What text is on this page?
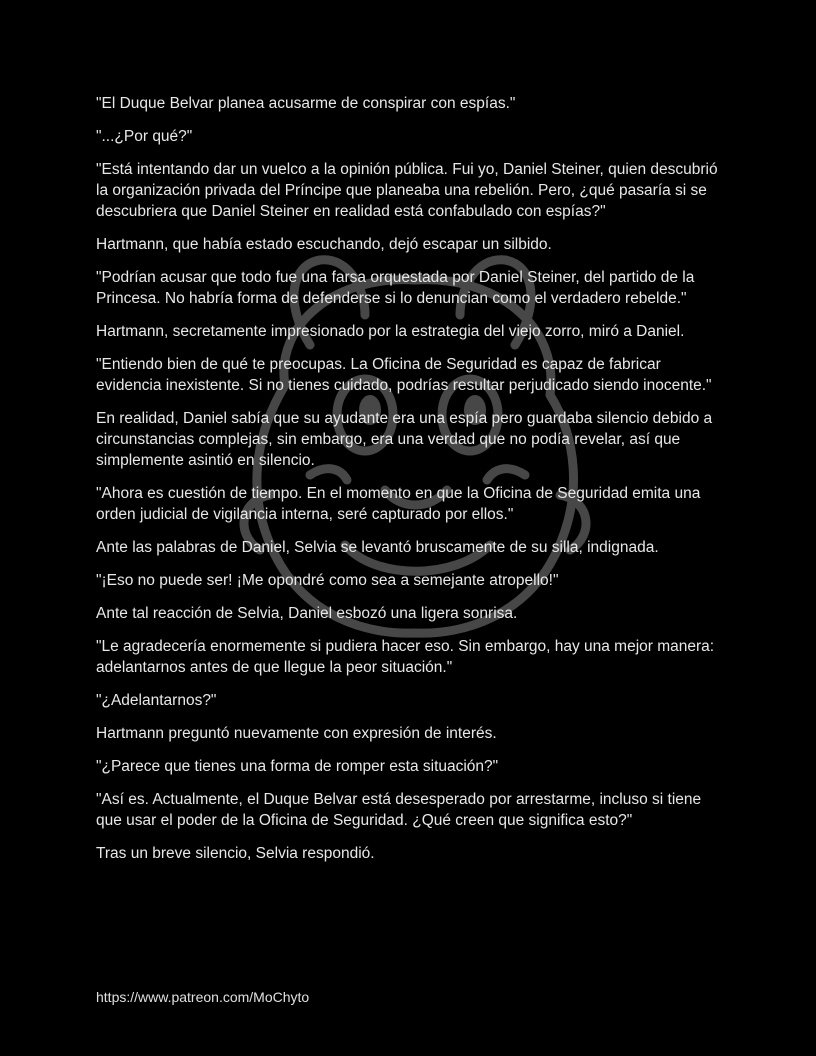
"El Duque Belvar planea acusarme de conspirar con espías."

"...¿Por qué?"

"Está intentando dar un vuelco a la opinión pública. Fui yo, Daniel Steiner, quien descubrió la organización privada del Príncipe que planeaba una rebelión. Pero, ¿qué pasaría si se descubriera que Daniel Steiner en realidad está confabulado con espías?"

Hartmann, que había estado escuchando, dejó escapar un silbido.

"Podrían acusar que todo fue una farsa orquestada por Daniel Steiner, del partido de la Princesa. No habría forma de defenderse si lo denuncian como el verdadero rebelde."

Hartmann, secretamente impresionado por la estrategia del viejo zorro, miró a Daniel.

"Entiendo bien de qué te preocupas. La Oficina de Seguridad es capaz de fabricar evidencia inexistente. Si no tienes cuidado, podrías resultar perjudicado siendo inocente."

En realidad, Daniel sabía que su ayudante era una espía pero guardaba silencio debido a circunstancias complejas, sin embargo, era una verdad que no podía revelar, así que simplemente asintió en silencio.

"Ahora es cuestión de tiempo. En el momento en que la Oficina de Seguridad emita una orden judicial de vigilancia interna, seré capturado por ellos."

Ante las palabras de Daniel, Selvia se levantó bruscamente de su silla, indignada.

"¡Eso no puede ser! ¡Me opondré como sea a semejante atropello!"

Ante tal reacción de Selvia, Daniel esbozó una ligera sonrisa.

"Le agradecería enormemente si pudiera hacer eso. Sin embargo, hay una mejor manera: adelantarnos antes de que llegue la peor situación."

"¿Adelantarnos?"

Hartmann preguntó nuevamente con expresión de interés.

"¿Parece que tienes una forma de romper esta situación?"

"Así es. Actualmente, el Duque Belvar está desesperado por arrestarme, incluso si tiene que usar el poder de la Oficina de Seguridad. ¿Qué creen que significa esto?"

Tras un breve silencio, Selvia respondió.

https://www.patreon.com/MoChyto
